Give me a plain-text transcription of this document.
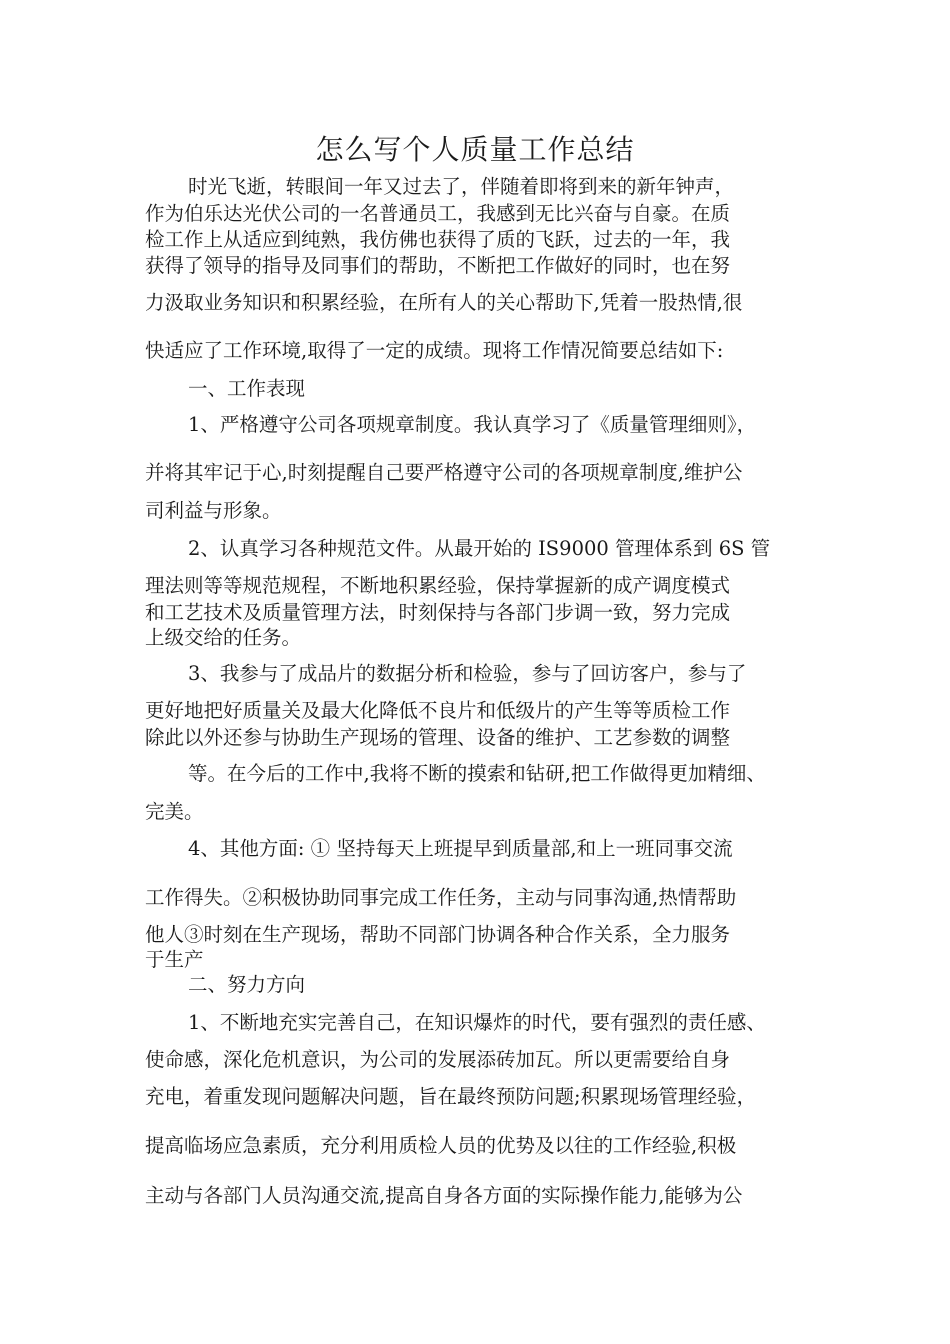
怎么写个人质量工作总结
时光飞逝，转眼间一年又过去了，伴随着即将到来的新年钟声，
作为伯乐达光伏公司的一名普通员工，我感到无比兴奋与自豪。在质
检工作上从适应到纯熟，我仿佛也获得了质的飞跃，过去的一年，我
获得了领导的指导及同事们的帮助，不断把工作做好的同时，也在努
力汲取业务知识和积累经验，在所有人的关心帮助下,凭着一股热情,很
快适应了工作环境,取得了一定的成绩。现将工作情况简要总结如下:
一、工作表现
1、严格遵守公司各项规章制度。我认真学习了《质量管理细则》，
并将其牢记于心,时刻提醒自己要严格遵守公司的各项规章制度,维护公
司利益与形象。
2、认真学习各种规范文件。从最开始的 IS9000 管理体系到 6S 管
理法则等等规范规程，不断地积累经验，保持掌握新的成产调度模式
和工艺技术及质量管理方法，时刻保持与各部门步调一致，努力完成
上级交给的任务。
3、我参与了成品片的数据分析和检验，参与了回访客户，参与了
更好地把好质量关及最大化降低不良片和低级片的产生等等质检工作
除此以外还参与协助生产现场的管理、设备的维护、工艺参数的调整
等。在今后的工作中,我将不断的摸索和钻研,把工作做得更加精细、
完美。
4、其他方面: ① 坚持每天上班提早到质量部,和上一班同事交流
工作得失。②积极协助同事完成工作任务，主动与同事沟通,热情帮助
他人③时刻在生产现场，帮助不同部门协调各种合作关系，全力服务
于生产
二、努力方向
1、不断地充实完善自己，在知识爆炸的时代，要有强烈的责任感、
使命感，深化危机意识，为公司的发展添砖加瓦。所以更需要给自身
充电，着重发现问题解决问题，旨在最终预防问题;积累现场管理经验，
提高临场应急素质，充分利用质检人员的优势及以往的工作经验,积极
主动与各部门人员沟通交流,提高自身各方面的实际操作能力,能够为公
